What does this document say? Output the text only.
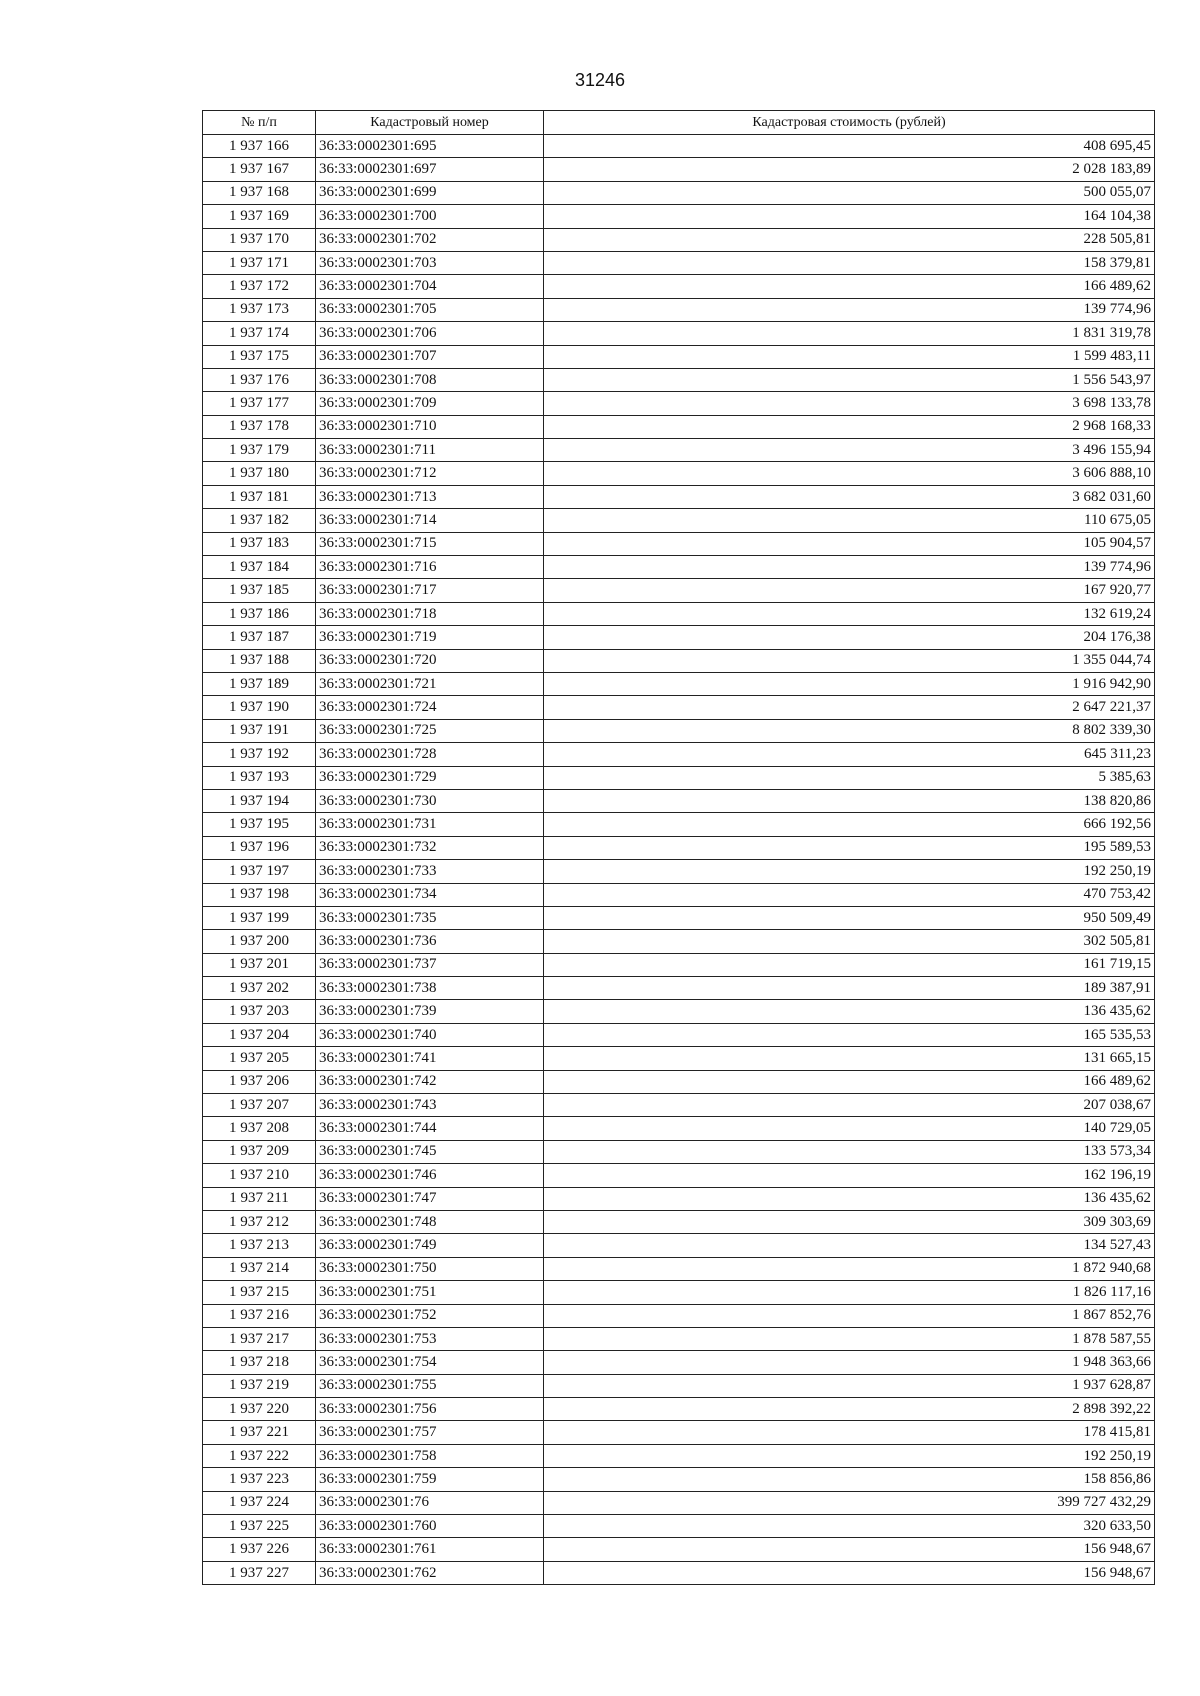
31246
№ п/п	Кадастровый номер	Кадастровая стоимость (рублей)
1 937 166	36:33:0002301:695	408 695,45
1 937 167	36:33:0002301:697	2 028 183,89
1 937 168	36:33:0002301:699	500 055,07
1 937 169	36:33:0002301:700	164 104,38
1 937 170	36:33:0002301:702	228 505,81
1 937 171	36:33:0002301:703	158 379,81
1 937 172	36:33:0002301:704	166 489,62
1 937 173	36:33:0002301:705	139 774,96
1 937 174	36:33:0002301:706	1 831 319,78
1 937 175	36:33:0002301:707	1 599 483,11
1 937 176	36:33:0002301:708	1 556 543,97
1 937 177	36:33:0002301:709	3 698 133,78
1 937 178	36:33:0002301:710	2 968 168,33
1 937 179	36:33:0002301:711	3 496 155,94
1 937 180	36:33:0002301:712	3 606 888,10
1 937 181	36:33:0002301:713	3 682 031,60
1 937 182	36:33:0002301:714	110 675,05
1 937 183	36:33:0002301:715	105 904,57
1 937 184	36:33:0002301:716	139 774,96
1 937 185	36:33:0002301:717	167 920,77
1 937 186	36:33:0002301:718	132 619,24
1 937 187	36:33:0002301:719	204 176,38
1 937 188	36:33:0002301:720	1 355 044,74
1 937 189	36:33:0002301:721	1 916 942,90
1 937 190	36:33:0002301:724	2 647 221,37
1 937 191	36:33:0002301:725	8 802 339,30
1 937 192	36:33:0002301:728	645 311,23
1 937 193	36:33:0002301:729	5 385,63
1 937 194	36:33:0002301:730	138 820,86
1 937 195	36:33:0002301:731	666 192,56
1 937 196	36:33:0002301:732	195 589,53
1 937 197	36:33:0002301:733	192 250,19
1 937 198	36:33:0002301:734	470 753,42
1 937 199	36:33:0002301:735	950 509,49
1 937 200	36:33:0002301:736	302 505,81
1 937 201	36:33:0002301:737	161 719,15
1 937 202	36:33:0002301:738	189 387,91
1 937 203	36:33:0002301:739	136 435,62
1 937 204	36:33:0002301:740	165 535,53
1 937 205	36:33:0002301:741	131 665,15
1 937 206	36:33:0002301:742	166 489,62
1 937 207	36:33:0002301:743	207 038,67
1 937 208	36:33:0002301:744	140 729,05
1 937 209	36:33:0002301:745	133 573,34
1 937 210	36:33:0002301:746	162 196,19
1 937 211	36:33:0002301:747	136 435,62
1 937 212	36:33:0002301:748	309 303,69
1 937 213	36:33:0002301:749	134 527,43
1 937 214	36:33:0002301:750	1 872 940,68
1 937 215	36:33:0002301:751	1 826 117,16
1 937 216	36:33:0002301:752	1 867 852,76
1 937 217	36:33:0002301:753	1 878 587,55
1 937 218	36:33:0002301:754	1 948 363,66
1 937 219	36:33:0002301:755	1 937 628,87
1 937 220	36:33:0002301:756	2 898 392,22
1 937 221	36:33:0002301:757	178 415,81
1 937 222	36:33:0002301:758	192 250,19
1 937 223	36:33:0002301:759	158 856,86
1 937 224	36:33:0002301:76	399 727 432,29
1 937 225	36:33:0002301:760	320 633,50
1 937 226	36:33:0002301:761	156 948,67
1 937 227	36:33:0002301:762	156 948,67
